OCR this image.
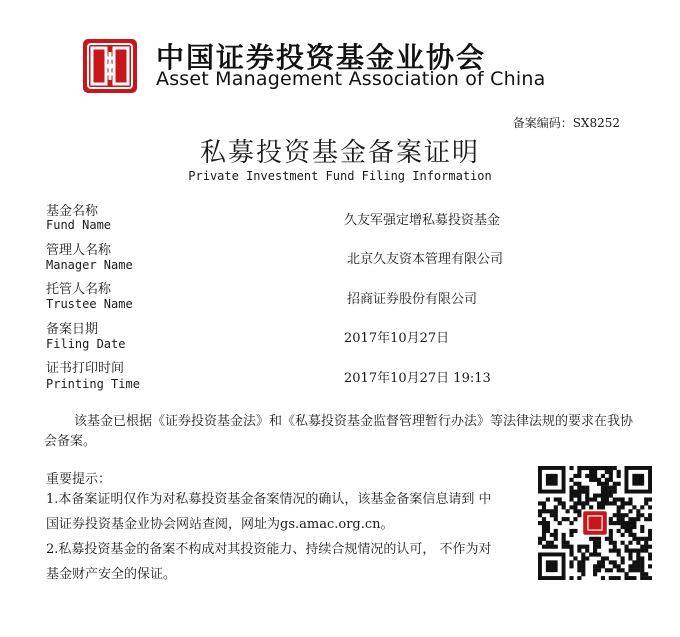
中国证券投资基金业协会
Asset Management Association of China
备案编码：SX8252
私募投资基金备案证明
Private Investment Fund Filing Information
基金名称
Fund Name	久友军强定增私募投资基金
管理人名称
Manager Name	北京久友资本管理有限公司
托管人名称
Trustee Name	招商证券股份有限公司
备案日期
Filing Date	2017年10月27日
证书打印时间
Printing Time	2017年10月27日 19:13
该基金已根据《证券投资基金法》和《私募投资基金监督管理暂行办法》等法律法规的要求在我协会备案。
重要提示：
1.本备案证明仅作为对私募投资基金备案情况的确认，该基金备案信息请到 中
国证券投资基金业协会网站查阅，网址为gs.amac.org.cn。
2.私募投资基金的备案不构成对其投资能力、持续合规情况的认可， 不作为对
基金财产安全的保证。
